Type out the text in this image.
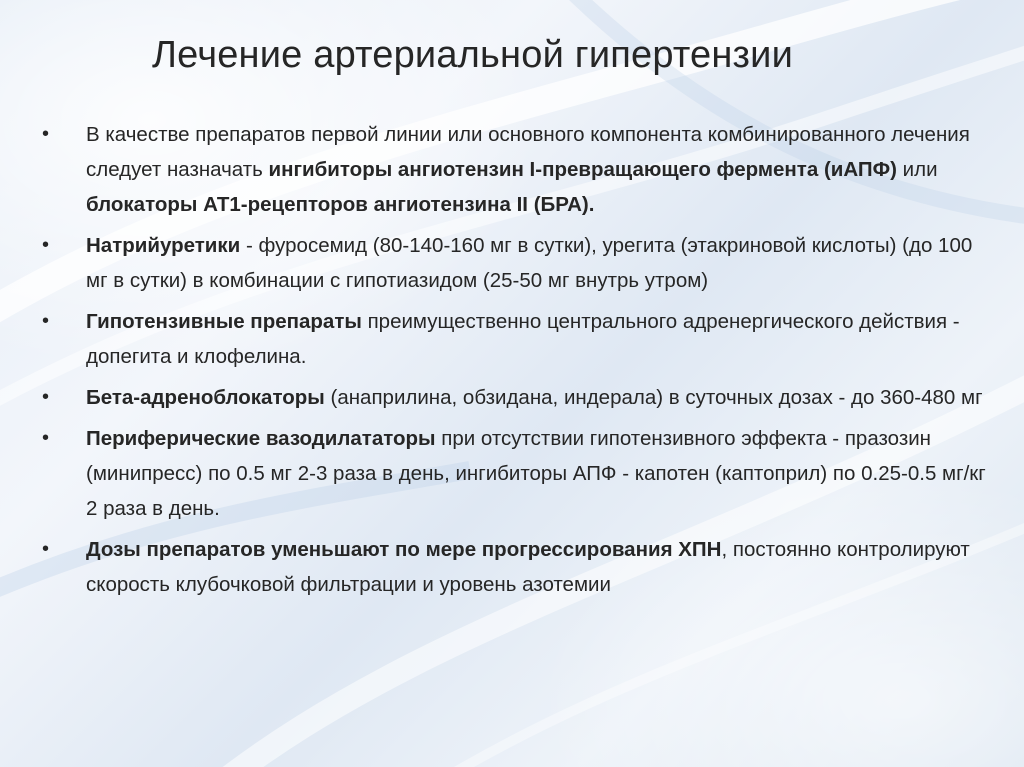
Лечение артериальной гипертензии
• В качестве препаратов первой линии или основного компонента комбинированного лечения следует назначать ингибиторы ангиотензин I-превращающего фермента (иАПФ) или блокаторы АТ1-рецепторов ангиотензина II (БРА).
• Натрийуретики - фуросемид (80-140-160 мг в сутки), урегита (этакриновой кислоты) (до 100 мг в сутки) в комбинации с гипотиазидом (25-50 мг внутрь утром)
• Гипотензивные препараты преимущественно центрального адренергического действия - допегита и клофелина.
• Бета-адреноблокаторы (анаприлина, обзидана, индерала) в суточных дозах - до 360-480 мг
• Периферические вазодилататоры при отсутствии гипотензивного эффекта - празозин (минипресс) по 0.5 мг 2-3 раза в день, ингибиторы АПФ - капотен (каптоприл) по 0.25-0.5 мг/кг 2 раза в день.
• Дозы препаратов уменьшают по мере прогрессирования ХПН, постоянно контролируют скорость клубочковой фильтрации и уровень азотемии
